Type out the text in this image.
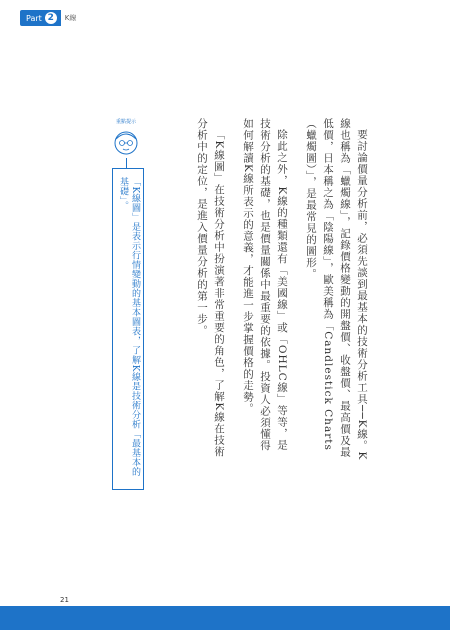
Part 2	K線

要討論價量分析前，必須先談到最基本的技術分析工具──K線。K線也稱為「蠟燭線」，記錄價格變動的開盤價、收盤價、最高價及最低價，日本稱之為「陰陽線」，歐美稱為「Candlestick Charts（蠟燭圖）」，是最常見的圖形。

除此之外，K線的種類還有「美國線」或「OHLC線」等等，是技術分析的基礎，也是價量關係中最重要的依據。投資人必須懂得如何解讀K線所表示的意義，才能進一步掌握價格的走勢。

「K線圖」在技術分析中扮演著非常重要的角色，了解K線在技術分析中的定位，是進入價量分析的第一步。

重點提示
「K線圖」是表示行情變動的基本圖表，了解K線是技術分析「最基本的基礎」。
21
